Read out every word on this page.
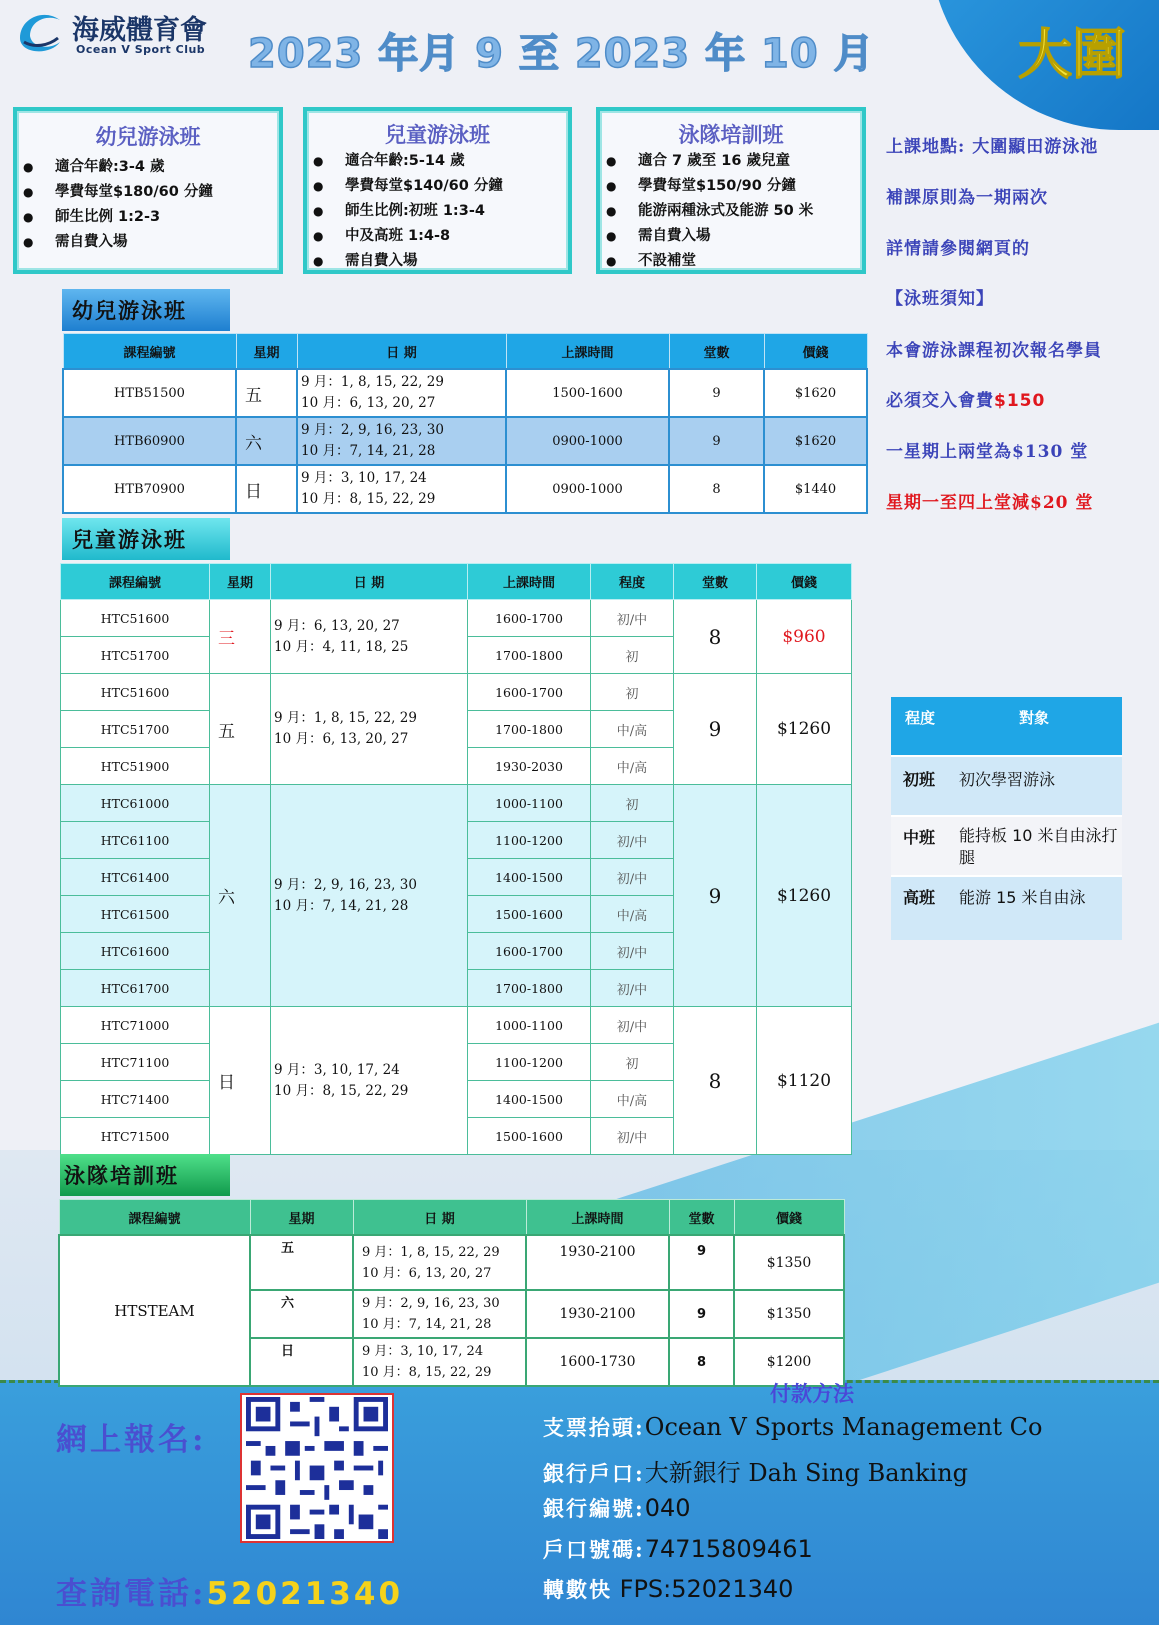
海威體育會
Ocean V Sport Club 2023 年月 9 至 2023 年 10 月	大圍
幼兒游泳班
● 適合年齡:3-4 歲
● 學費每堂$180/60 分鐘
● 師生比例 1:2-3
● 需自費入場
兒童游泳班
● 適合年齡:5-14 歲
● 學費每堂$140/60 分鐘
● 師生比例:初班 1:3-4
● 中及高班 1:4-8
● 需自費入場
泳隊培訓班
● 適合 7 歲至 16 歲兒童
● 學費每堂$150/90 分鐘
● 能游兩種泳式及能游 50 米
● 需自費入場
● 不設補堂
上課地點: 大圍顯田游泳池
補課原則為一期兩次
詳情請參閱網頁的
【泳班須知】
本會游泳課程初次報名學員
必須交入會費$150
一星期上兩堂為$130 堂
星期一至四上堂減$20 堂
幼兒游泳班
課程編號	星期	日 期	上課時間	堂數	價錢
HTB51500	五	9 月：1, 8, 15, 22, 29
10 月：6, 13, 20, 27	1500-1600	9	$1620
HTB60900	六	9 月：2, 9, 16, 23, 30
10 月：7, 14, 21, 28	0900-1000	9	$1620
HTB70900	日	9 月：3, 10, 17, 24
10 月：8, 15, 22, 29	0900-1000	8	$1440
兒童游泳班
課程編號	星期	日 期	上課時間	程度	堂數	價錢
HTC51600	三	9 月：6, 13, 20, 27
10 月：4, 11, 18, 25	1600-1700	初/中	8	$960
HTC51700			1700-1800	初		
HTC51600	五	9 月：1, 8, 15, 22, 29
10 月：6, 13, 20, 27	1600-1700	初	9	$1260
HTC51700			1700-1800	中/高		
HTC51900			1930-2030	中/高		
HTC61000	六	9 月：2, 9, 16, 23, 30
10 月：7, 14, 21, 28	1000-1100	初	9	$1260
HTC61100			1100-1200	初/中		
HTC61400			1400-1500	初/中		
HTC61500			1500-1600	中/高		
HTC61600			1600-1700	初/中		
HTC61700			1700-1800	初/中		
HTC71000	日	9 月：3, 10, 17, 24
10 月：8, 15, 22, 29	1000-1100	初/中	8	$1120
HTC71100			1100-1200	初		
HTC71400			1400-1500	中/高		
HTC71500			1500-1600	初/中		
泳隊培訓班
課程編號	星期	日 期	上課時間	堂數	價錢
HTSTEAM	五	9 月：1, 8, 15, 22, 29
10 月：6, 13, 20, 27	1930-2100	9	$1350
	六	9 月：2, 9, 16, 23, 30
10 月：7, 14, 21, 28	1930-2100	9	$1350
	日	9 月：3, 10, 17, 24
10 月：8, 15, 22, 29	1600-1730	8	$1200
程度	對象
初班 初次學習游泳
中班 能持板 10 米自由泳打腿
高班 能游 15 米自由泳
付款方法
網上報名:
查詢電話:52021340
支票抬頭:Ocean V Sports Management Co
銀行戶口:大新銀行 Dah Sing Banking
銀行編號:040
戶口號碼:74715809461
轉數快 FPS:52021340
